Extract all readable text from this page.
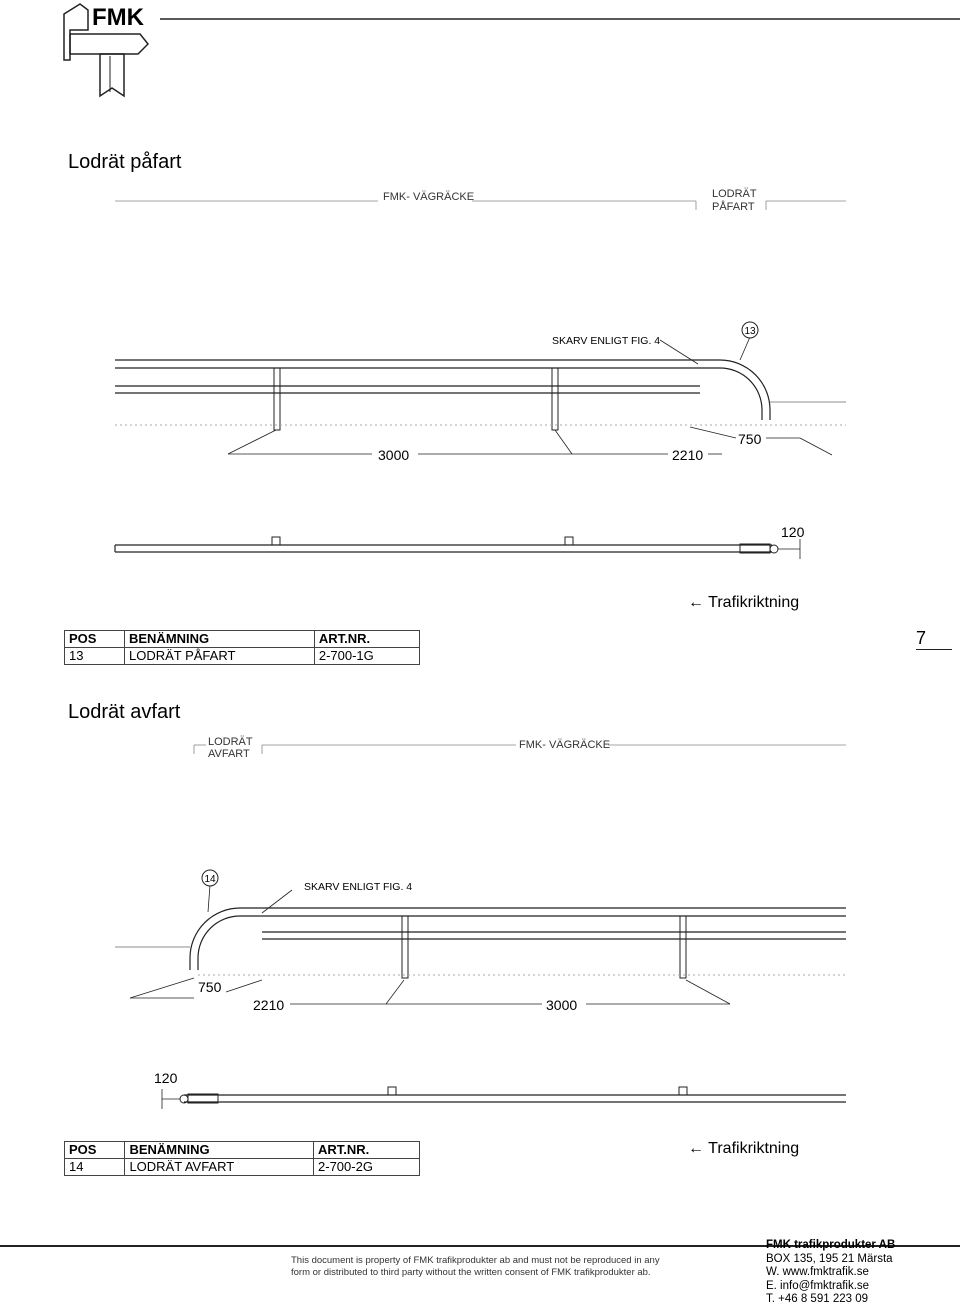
FMK
Lodrät påfart
13
SKARV ENLIGT FIG. 4
3000	2210
750
FMK- VÄGRÄCKE	LODRÄT
PÅFART
120
← Trafikriktning
POS	BENÄMNING	ART.NR.
13	LODRÄT PÅFART	2-700-1G
7
Lodrät avfart
14
SKARV ENLIGT FIG. 4
750
2210	3000
LODRÄT
AVFART
FMK- VÄGRÄCKE
120
POS	BENÄMNING	ART.NR.
14	LODRÄT AVFART	2-700-2G
← Trafikriktning
This document is property of FMK trafikprodukter ab and must not be reproduced in any
form or distributed to third party without the written consent of FMK trafikprodukter ab.
FMK trafikprodukter AB
BOX 135, 195 21 Märsta
W. www.fmktrafik.se
E. info@fmktrafik.se
T. +46 8 591 223 09
